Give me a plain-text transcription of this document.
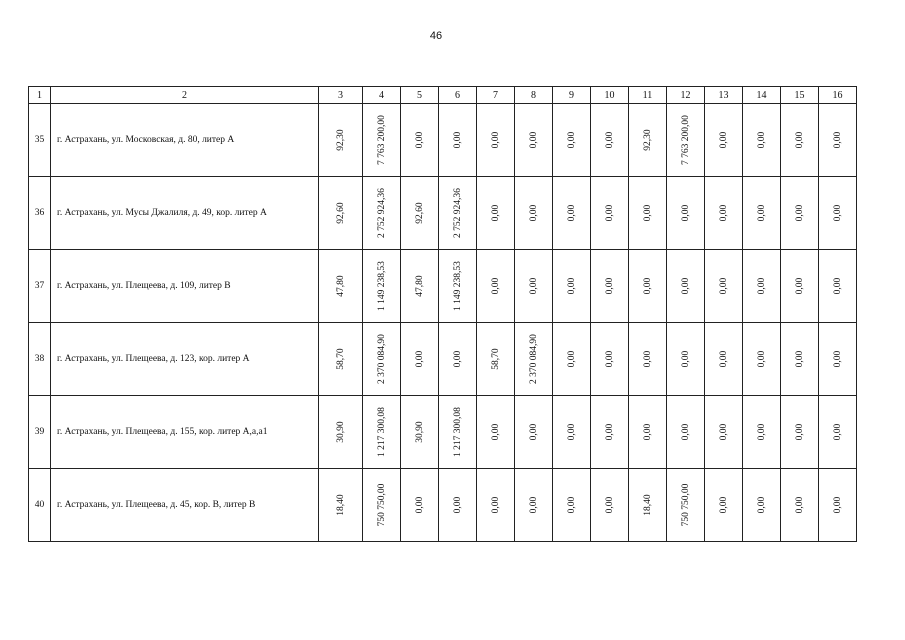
46
1	2	3	4	5	6	7	8	9	10	11	12	13	14	15	16
35	г. Астрахань, ул. Московская, д. 80, литер А	92,30	7 763 200,00	0,00	0,00	0,00	0,00	0,00	0,00	92,30	7 763 200,00	0,00	0,00	0,00	0,00

36	г. Астрахань, ул. Мусы Джалиля, д. 49, кор. литер А	92,60	2 752 924,36	92,60	2 752 924,36	0,00	0,00	0,00	0,00	0,00	0,00	0,00	0,00	0,00	0,00

37	г. Астрахань, ул. Плещеева, д. 109, литер В	47,80	1 149 238,53	47,80	1 149 238,53	0,00	0,00	0,00	0,00	0,00	0,00	0,00	0,00	0,00	0,00

38	г. Астрахань, ул. Плещеева, д. 123, кор. литер А	58,70	2 370 084,90	0,00	0,00	58,70	2 370 084,90	0,00	0,00	0,00	0,00	0,00	0,00	0,00	0,00

39	г. Астрахань, ул. Плещеева, д. 155, кор. литер А,а,а1	30,90	1 217 300,08	30,90	1 217 300,08	0,00	0,00	0,00	0,00	0,00	0,00	0,00	0,00	0,00	0,00

40	г. Астрахань, ул. Плещеева, д. 45, кор. В, литер В	18,40	750 750,00	0,00	0,00	0,00	0,00	0,00	0,00	18,40	750 750,00	0,00	0,00	0,00	0,00
